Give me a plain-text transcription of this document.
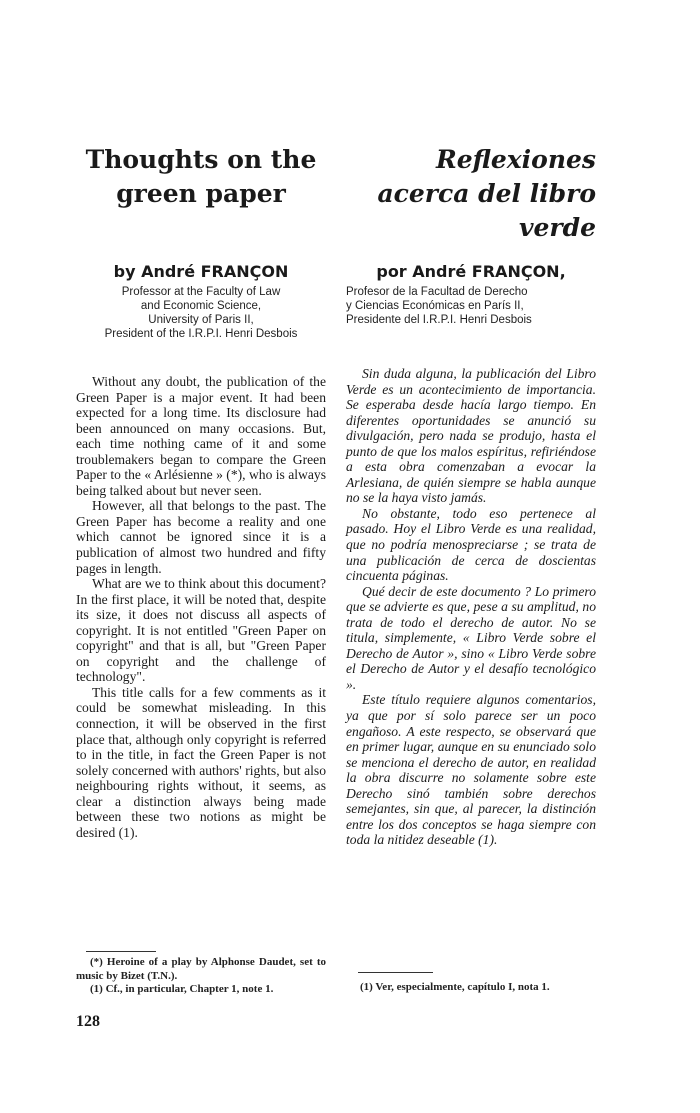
Thoughts on the green paper
by André FRANÇON
Professor at the Faculty of Law
and Economic Science,
University of Paris II,
President of the I.R.P.I. Henri Desbois

Without any doubt, the publication of the Green Paper is a major event. It had been expected for a long time. Its disclosure had been announced on many occasions. But, each time nothing came of it and some troublemakers began to compare the Green Paper to the « Arlésienne » (*), who is always being talked about but never seen.

However, all that belongs to the past. The Green Paper has become a reality and one which cannot be ignored since it is a publication of almost two hundred and fifty pages in length.

What are we to think about this document? In the first place, it will be noted that, despite its size, it does not discuss all aspects of copyright. It is not entitled "Green Paper on copyright" and that is all, but "Green Paper on copyright and the challenge of technology".

This title calls for a few comments as it could be somewhat misleading. In this connection, it will be observed in the first place that, although only copyright is referred to in the title, in fact the Green Paper is not solely concerned with authors' rights, but also neighbouring rights without, it seems, as clear a distinction always being made between these two notions as might be desired (1).

(*) Heroine of a play by Alphonse Daudet, set to music by Bizet (T.N.).
(1) Cf., in particular, Chapter 1, note 1.
Reflexiones acerca del libro verde
por André FRANÇON,
Profesor de la Facultad de Derecho
y Ciencias Económicas en París II,
Presidente del I.R.P.I. Henri Desbois

Sin duda alguna, la publicación del Libro Verde es un acontecimiento de importancia. Se esperaba desde hacía largo tiempo. En diferentes oportunidades se anunció su divulgación, pero nada se produjo, hasta el punto de que los malos espíritus, refiriéndose a esta obra comenzaban a evocar la Arlesiana, de quién siempre se habla aunque no se la haya visto jamás.

No obstante, todo eso pertenece al pasado. Hoy el Libro Verde es una realidad, que no podría menospreciarse ; se trata de una publicación de cerca de doscientas cincuenta páginas.

Qué decir de este documento ? Lo primero que se advierte es que, pese a su amplitud, no trata de todo el derecho de autor. No se titula, simplemente, « Libro Verde sobre el Derecho de Autor », sino « Libro Verde sobre el Derecho de Autor y el desafío tecnológico ».

Este título requiere algunos comentarios, ya que por sí solo parece ser un poco engañoso. A este respecto, se observará que en primer lugar, aunque en su enunciado solo se menciona el derecho de autor, en realidad la obra discurre no solamente sobre este Derecho sinó también sobre derechos semejantes, sin que, al parecer, la distinción entre los dos conceptos se haga siempre con toda la nitidez deseable (1).

(1) Ver, especialmente, capítulo I, nota 1.
128
